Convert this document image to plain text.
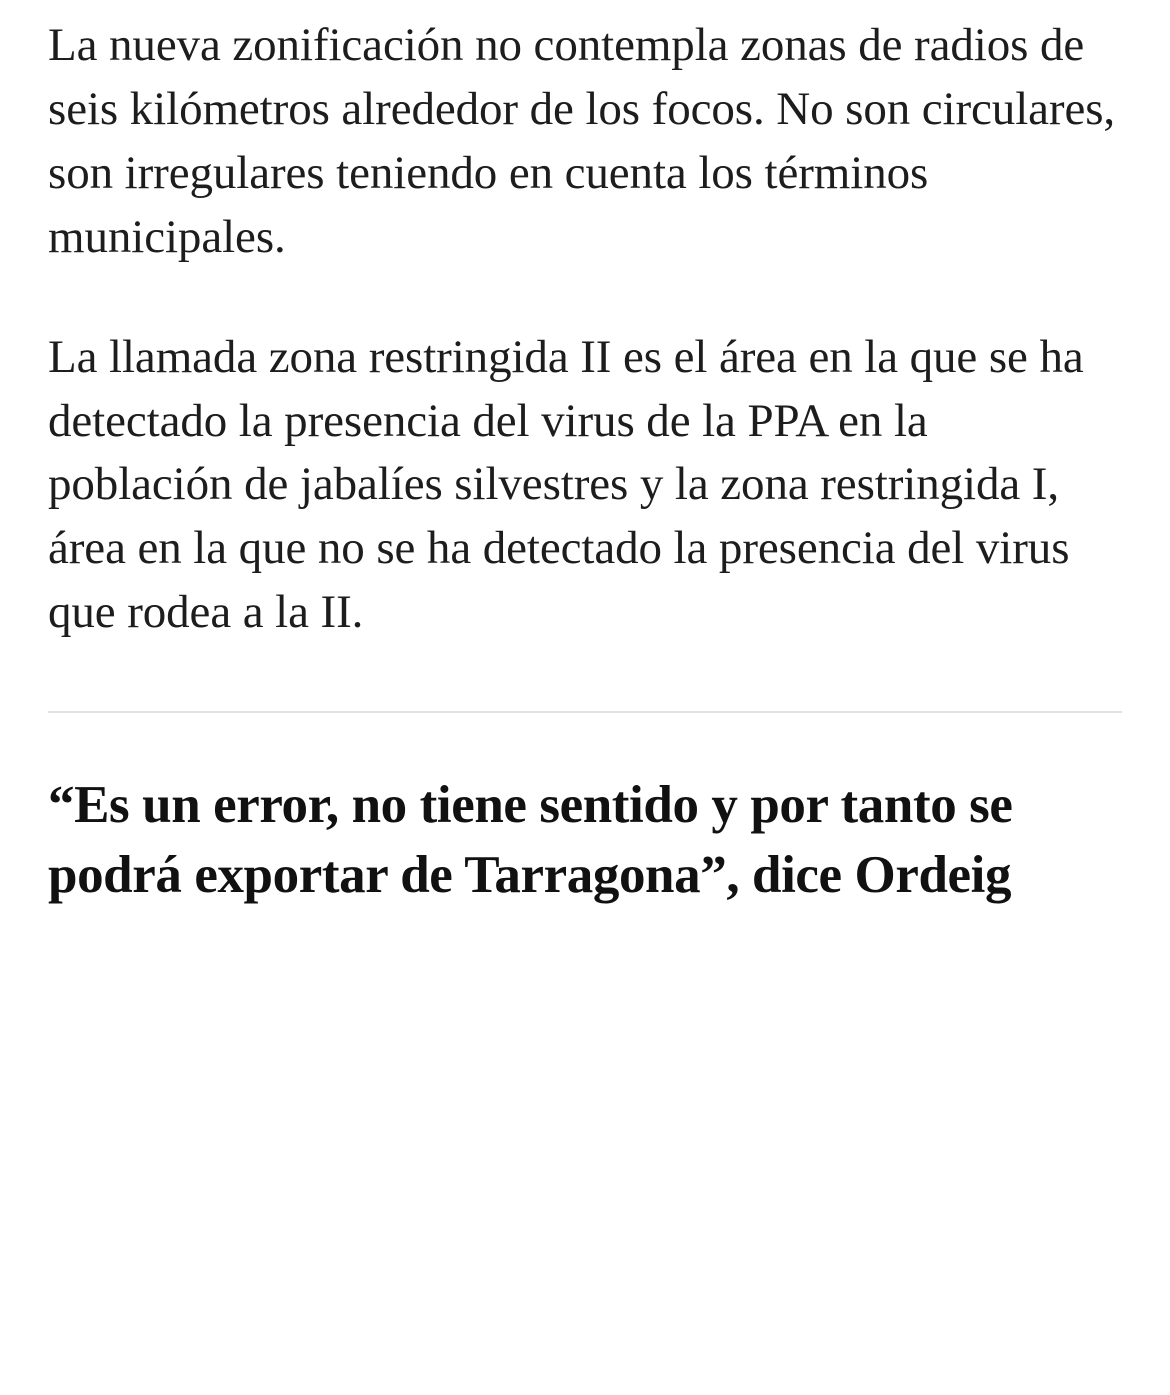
La nueva zonificación no contempla zonas de radios de seis kilómetros alrededor de los focos. No son circulares, son irregulares teniendo en cuenta los términos municipales.

La llamada zona restringida II es el área en la que se ha detectado la presencia del virus de la PPA en la población de jabalíes silvestres y la zona restringida I, área en la que no se ha detectado la presencia del virus que rodea a la II.

“Es un error, no tiene sentido y por tanto se podrá exportar de Tarragona”, dice Ordeig
